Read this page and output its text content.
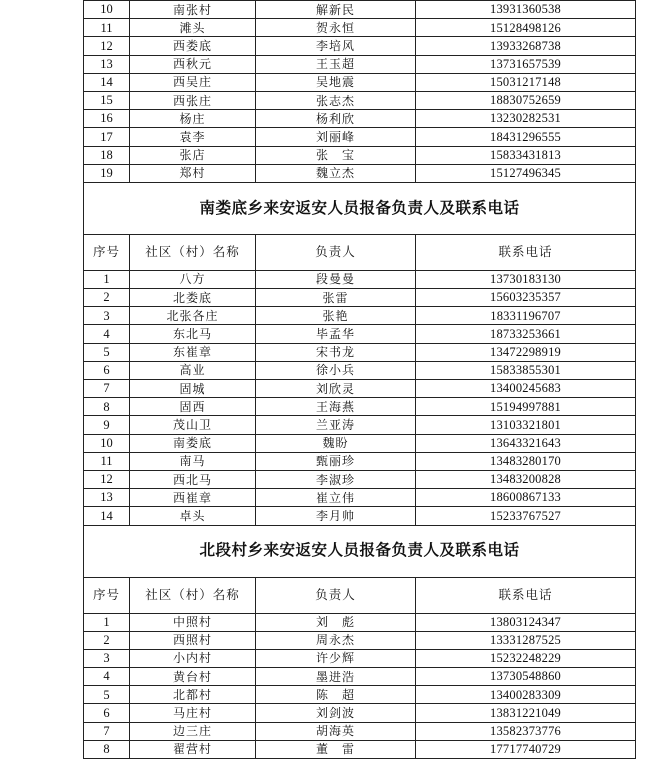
10	南张村	解新民	13931360538
11	滩头	贺永恒	15128498126
12	西娄底	李培风	13933268738
13	西秋元	王玉超	13731657539
14	西吴庄	吴地震	15031217148
15	西张庄	张志杰	18830752659
16	杨庄	杨利欣	13230282531
17	袁李	刘丽峰	18431296555
18	张店	张　宝	15833431813
19	郑村	魏立杰	15127496345
南娄底乡来安返安人员报备负责人及联系电话			
序号	社区（村）名称	负责人	联系电话
1	八方	段曼曼	13730183130
2	北娄底	张雷	15603235357
3	北张各庄	张艳	18331196707
4	东北马	毕孟华	18733253661
5	东崔章	宋书龙	13472298919
6	高业	徐小兵	15833855301
7	固城	刘欣灵	13400245683
8	固西	王海燕	15194997881
9	茂山卫	兰亚涛	13103321801
10	南娄底	魏盼	13643321643
11	南马	甄丽珍	13483280170
12	西北马	李淑珍	13483200828
13	西崔章	崔立伟	18600867133
14	卓头	李月帅	15233767527
北段村乡来安返安人员报备负责人及联系电话			
序号	社区（村）名称	负责人	联系电话
1	中照村	刘　彪	13803124347
2	西照村	周永杰	13331287525
3	小内村	许少辉	15232248229
4	黄台村	墨进浩	13730548860
5	北都村	陈　超	13400283309
6	马庄村	刘剑波	13831221049
7	边三庄	胡海英	13582373776
8	翟营村	董　雷	17717740729
